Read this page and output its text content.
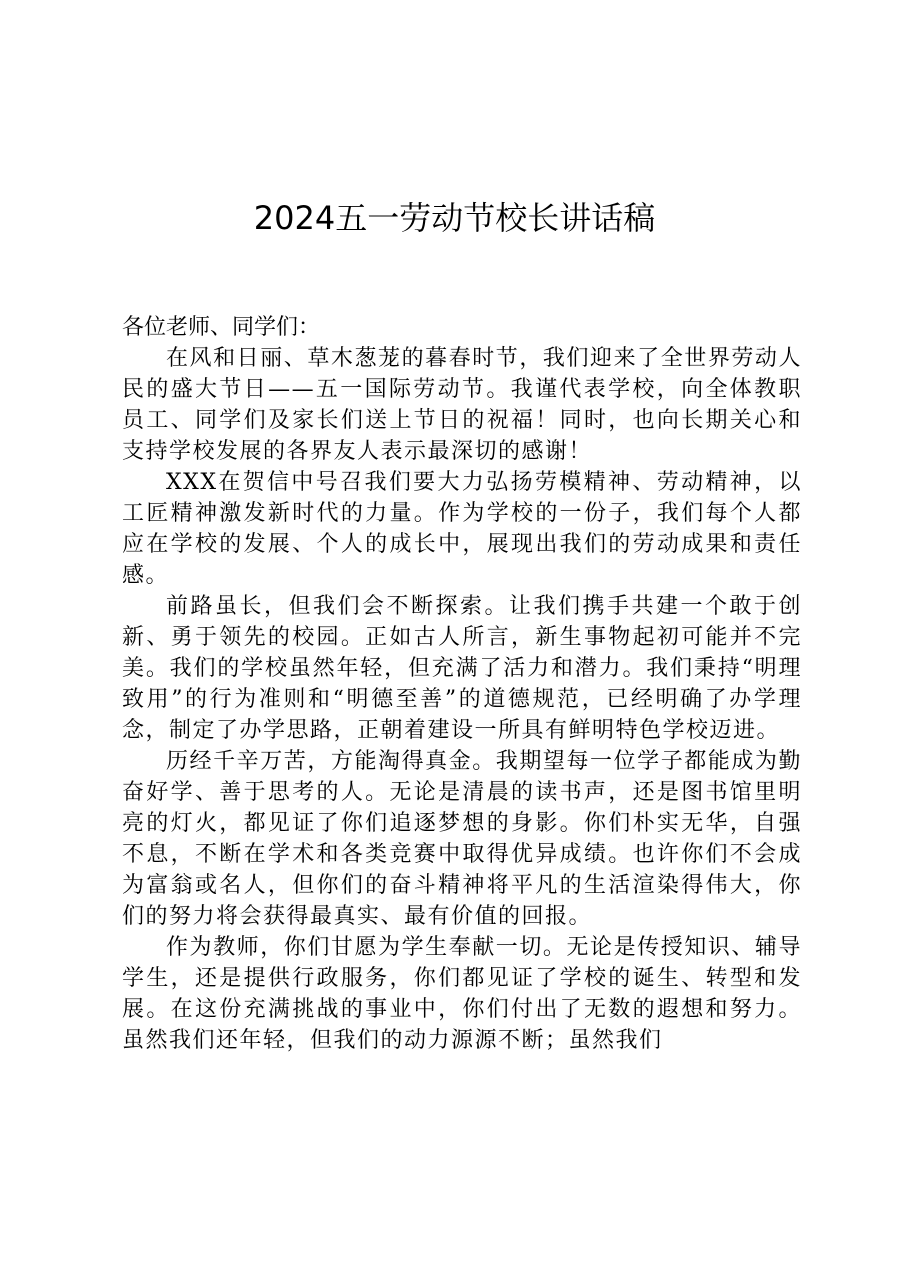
2024五一劳动节校长讲话稿

各位老师、同学们：

在风和日丽、草木葱茏的暮春时节，我们迎来了全世界劳动人民的盛大节日——五一国际劳动节。我谨代表学校，向全体教职员工、同学们及家长们送上节日的祝福！同时，也向长期关心和支持学校发展的各界友人表示最深切的感谢！

XXX在贺信中号召我们要大力弘扬劳模精神、劳动精神，以工匠精神激发新时代的力量。作为学校的一份子，我们每个人都应在学校的发展、个人的成长中，展现出我们的劳动成果和责任感。

前路虽长，但我们会不断探索。让我们携手共建一个敢于创新、勇于领先的校园。正如古人所言，新生事物起初可能并不完美。我们的学校虽然年轻，但充满了活力和潜力。我们秉持“明理致用”的行为准则和“明德至善”的道德规范，已经明确了办学理念，制定了办学思路，正朝着建设一所具有鲜明特色学校迈进。

历经千辛万苦，方能淘得真金。我期望每一位学子都能成为勤奋好学、善于思考的人。无论是清晨的读书声，还是图书馆里明亮的灯火，都见证了你们追逐梦想的身影。你们朴实无华，自强不息，不断在学术和各类竞赛中取得优异成绩。也许你们不会成为富翁或名人，但你们的奋斗精神将平凡的生活渲染得伟大，你们的努力将会获得最真实、最有价值的回报。

作为教师，你们甘愿为学生奉献一切。无论是传授知识、辅导学生，还是提供行政服务，你们都见证了学校的诞生、转型和发展。在这份充满挑战的事业中，你们付出了无数的遐想和努力。虽然我们还年轻，但我们的动力源源不断；虽然我们
